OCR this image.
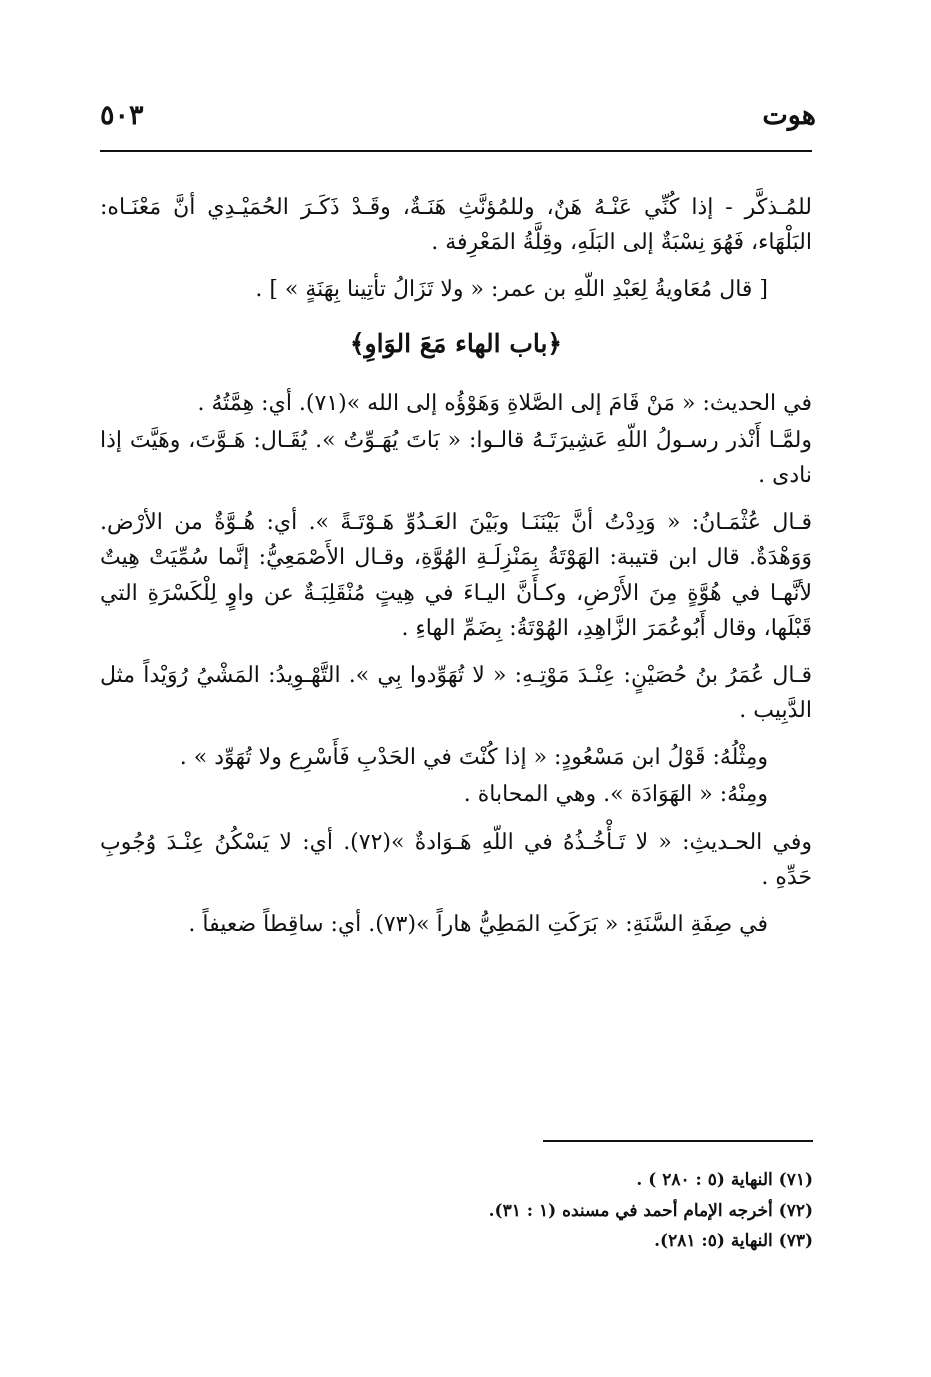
هوت
٥٠٣

للمُـذكَّر - إذا كُنِّي عَنْـهُ هَنٌ، وللمُؤنَّثِ هَنَـةٌ، وقَـدْ ذَكَـرَ الحُمَيْـدِي أنَّ مَعْنَـاه: البَلْهَاء، فَهُوَ نِسْبَةٌ إلى البَلَهِ، وقِلَّةُ المَعْرِفة .

[ قال مُعَاويةُ لِعَبْدِ اللّهِ بن عمر: « ولا تَزَالُ تأتِينا بِهَنَةٍ » ] .

﴿باب الهاء مَعَ الوَاوِ﴾

في الحديث: « مَنْ قَامَ إلى الصَّلاةِ وَهَوْؤُه إلى الله »(٧١). أي: هِمَّتُهُ .

ولمَّـا أَنْذر رسـولُ اللّهِ عَشِيرَتَـهُ قالـوا: « بَاتَ يُهَـوِّتُ ». يُقَـال: هَـوَّتَ، وهَيَّتَ إذا نادى .

قـال عُثْمَـانُ: « وَدِدْتُ أنَّ بَيْنَنَـا وبَيْنَ العَـدُوِّ هَـوْتَـةً ». أي: هُـوَّةٌ من الأرْض. وَوَهْدَةٌ. قال ابن قتيبة: الهَوْتَةُ بِمَنْزِلَـةِ الهُوَّةِ، وقـال الأَصْمَعِيُّ: إنَّما سُمِّيَتْ هِيتٌ لأنَّهـا في هُوَّةٍ مِنَ الأَرْضِ، وكـأَنَّ اليـاءَ في هِيتٍ مُنْقَلِبَـةٌ عن واوٍ لِلْكَسْرَةِ التي قَبْلَها، وقال أَبُوعُمَرَ الزَّاهِدِ، الهُوْتَةُ: بِضَمِّ الهاءِ .

قـال عُمَرُ بنُ حُصَيْنٍ: عِنْـدَ مَوْتِـهِ: « لا تُهَوِّدوا بِي ». التَّهْـوِيدُ: المَشْيُ رُوَيْداً مثل الدَّبِيب .

ومِثْلُهُ: قَوْلُ ابن مَسْعُودٍ: « إذا كُنْتَ في الحَدْبِ فَأَسْرِع ولا تُهَوِّد » .

ومِنْهُ: « الهَوَادَة ». وهي المحاباة .

وفي الحـديثِ: « لا تَـأْخُـذُهُ في اللّهِ هَـوَادةٌ »(٧٢). أي: لا يَسْكُنُ عِنْـدَ وُجُوبِ حَدِّهِ .

في صِفَةِ السَّنَةِ: « بَرَكَتِ المَطِيُّ هاراً »(٧٣). أي: ساقِطاً ضعيفاً .

(٧١) النهاية (٥ : ٢٨٠ ) .

(٧٢) أخرجه الإمام أحمد في مسنده (١ : ٣١).

(٧٣) النهاية (٥: ٢٨١).
